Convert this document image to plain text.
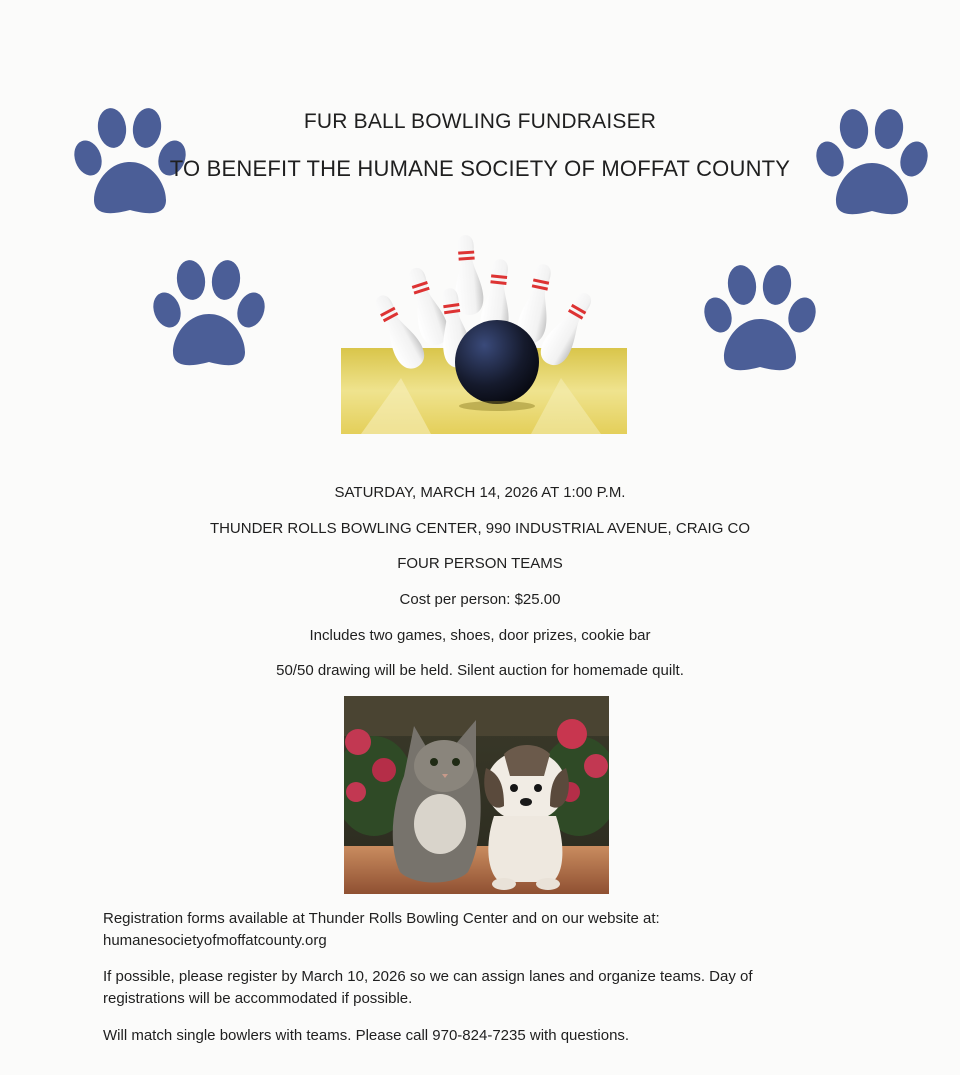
FUR BALL BOWLING FUNDRAISER
TO BENEFIT THE HUMANE SOCIETY OF MOFFAT COUNTY
SATURDAY, MARCH 14, 2026 AT 1:00 P.M.
THUNDER ROLLS BOWLING CENTER, 990 INDUSTRIAL AVENUE, CRAIG CO
FOUR PERSON TEAMS
Cost per person: $25.00
Includes two games, shoes, door prizes, cookie bar
50/50 drawing will be held. Silent auction for homemade quilt.
Registration forms available at Thunder Rolls Bowling Center and on our website at:
humanesocietyofmoffatcounty.org
If possible, please register by March 10, 2026 so we can assign lanes and organize teams. Day of
registrations will be accommodated if possible.
Will match single bowlers with teams. Please call 970-824-7235 with questions.
